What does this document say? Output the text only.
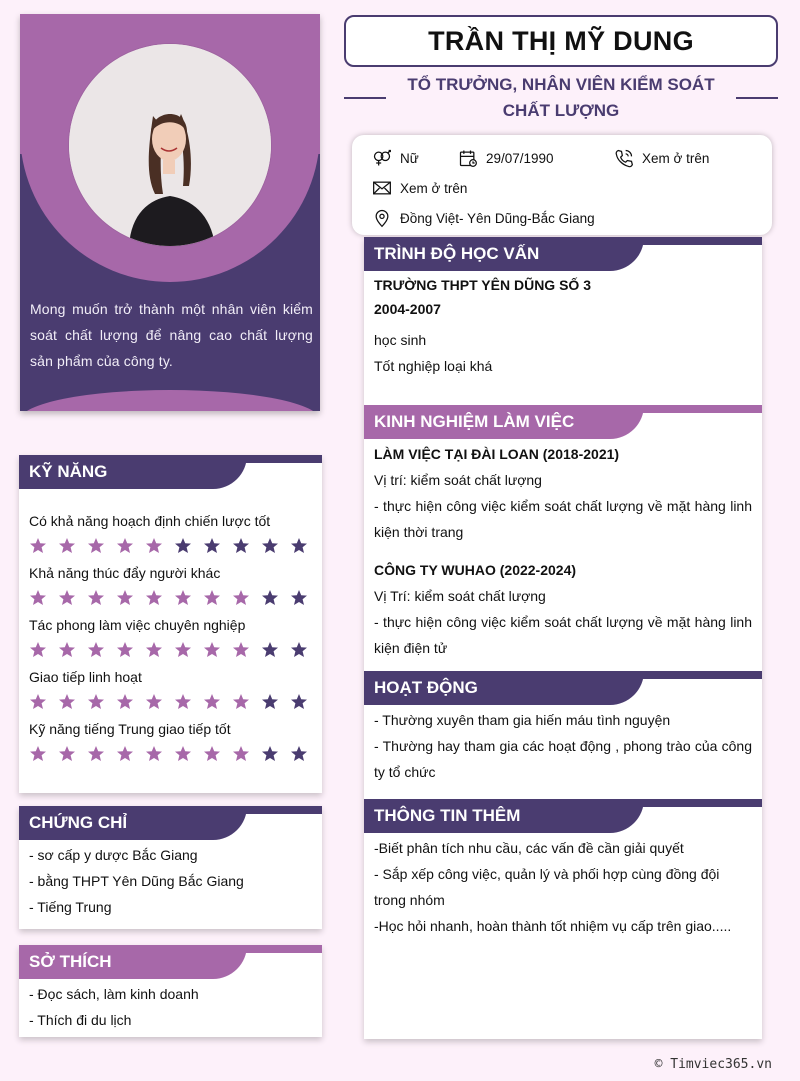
Mong muốn trở thành một nhân viên kiểm soát chất lượng để nâng cao chất lượng sản phẩm của công ty.
TRẦN THỊ MỸ DUNG
TỔ TRƯỞNG, NHÂN VIÊN KIỂM SOÁT CHẤT LƯỢNG
Nữ	29/07/1990	Xem ở trên
Xem ở trên
Đồng Việt- Yên Dũng-Bắc Giang
KỸ NĂNG
Có khả năng hoạch định chiến lược tốt
Khả năng thúc đẩy người khác
Tác phong làm việc chuyên nghiệp
Giao tiếp linh hoạt
Kỹ năng tiếng Trung giao tiếp tốt
CHỨNG CHỈ
- sơ cấp y dược Bắc Giang
- bằng THPT Yên Dũng Bắc Giang
- Tiếng Trung
SỞ THÍCH
- Đọc sách, làm kinh doanh
- Thích đi du lịch
TRÌNH ĐỘ HỌC VẤN
TRƯỜNG THPT YÊN DŨNG SỐ 3
2004-2007
học sinh
Tốt nghiệp loại khá
KINH NGHIỆM LÀM VIỆC
LÀM VIỆC TẠI ĐÀI LOAN (2018-2021)
Vị trí: kiểm soát chất lượng
- thực hiện công việc kiểm soát chất lượng về mặt hàng linh kiện thời trang
CÔNG TY WUHAO (2022-2024)
Vị Trí: kiểm soát chất lượng
- thực hiện công việc kiểm soát chất lượng về mặt hàng linh kiện điện tử
HOẠT ĐỘNG
- Thường xuyên tham gia hiến máu tình nguyện
- Thường hay tham gia các hoạt động , phong trào của công ty tổ chức
THÔNG TIN THÊM
-Biết phân tích nhu cầu, các vấn đề cần giải quyết
- Sắp xếp công việc, quản lý và phối hợp cùng đồng đội trong nhóm
-Học hỏi nhanh, hoàn thành tốt nhiệm vụ cấp trên giao.....
© Timviec365.vn
